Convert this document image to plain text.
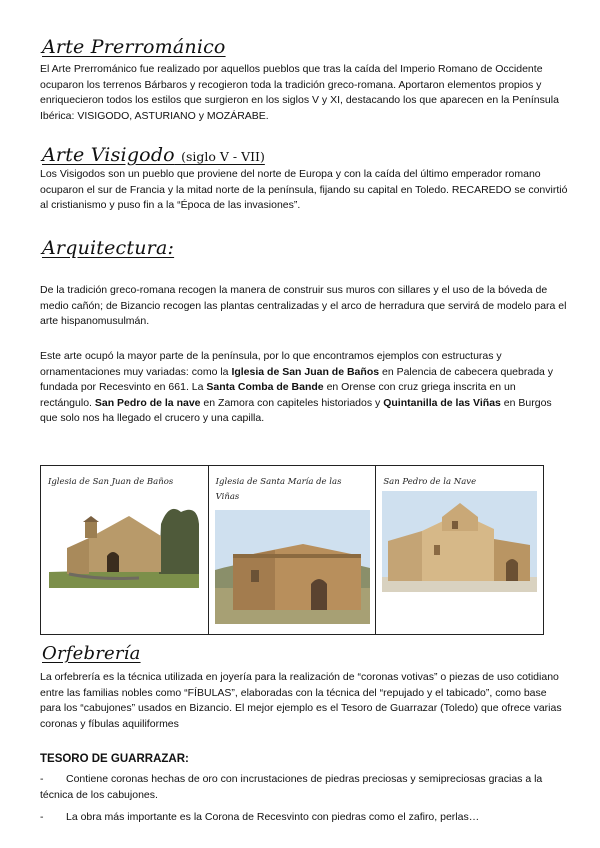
Arte Prerrománico

El Arte Prerrománico fue realizado por aquellos pueblos que tras la caída del Imperio Romano de Occidente ocuparon los terrenos Bárbaros y recogieron toda la tradición greco-romana. Aportaron elementos propios y enriquecieron todos los estilos que surgieron en los siglos V y XI, destacando los que aparecen en la Península Ibérica: VISIGODO, ASTURIANO y MOZÁRABE.

Arte Visigodo (siglo V - VII)

Los Visigodos son un pueblo que proviene del norte de Europa y con la caída del último emperador romano ocuparon el sur de Francia y la mitad norte de la península, fijando su capital en Toledo. RECAREDO se convirtió al cristianismo y puso fin a la “Época de las invasiones”.

Arquitectura:

De la tradición greco-romana recogen la manera de construir sus muros con sillares y el uso de la bóveda de medio cañón; de Bizancio recogen las plantas centralizadas y el arco de herradura que servirá de modelo para el arte hispanomusulmán.

Este arte ocupó la mayor parte de la península, por lo que encontramos ejemplos con estructuras y ornamentaciones muy variadas: como la Iglesia de San Juan de Baños en Palencia de cabecera quebrada y fundada por Recesvinto en 661. La Santa Comba de Bande en Orense con cruz griega inscrita en un rectángulo. San Pedro de la nave en Zamora con capiteles historiados y Quintanilla de las Viñas en Burgos que solo nos ha llegado el crucero y una capilla.

Iglesia de San Juan de Baños	Iglesia de Santa María de las Viñas
San Pedro de la Nave
Orfebrería

La orfebrería es la técnica utilizada en joyería para la realización de “coronas votivas” o piezas de uso cotidiano entre las familias nobles como “FÍBULAS”, elaboradas con la técnica del “repujado y el tabicado”, como base para los “cabujones” usados en Bizancio. El mejor ejemplo es el Tesoro de Guarrazar (Toledo) que ofrece varias coronas y fíbulas aquiliformes

TESORO DE GUARRAZAR:

- Contiene coronas hechas de oro con incrustaciones de piedras preciosas y semipreciosas gracias a la técnica de los cabujones.

- La obra más importante es la Corona de Recesvinto con piedras como el zafiro, perlas…
